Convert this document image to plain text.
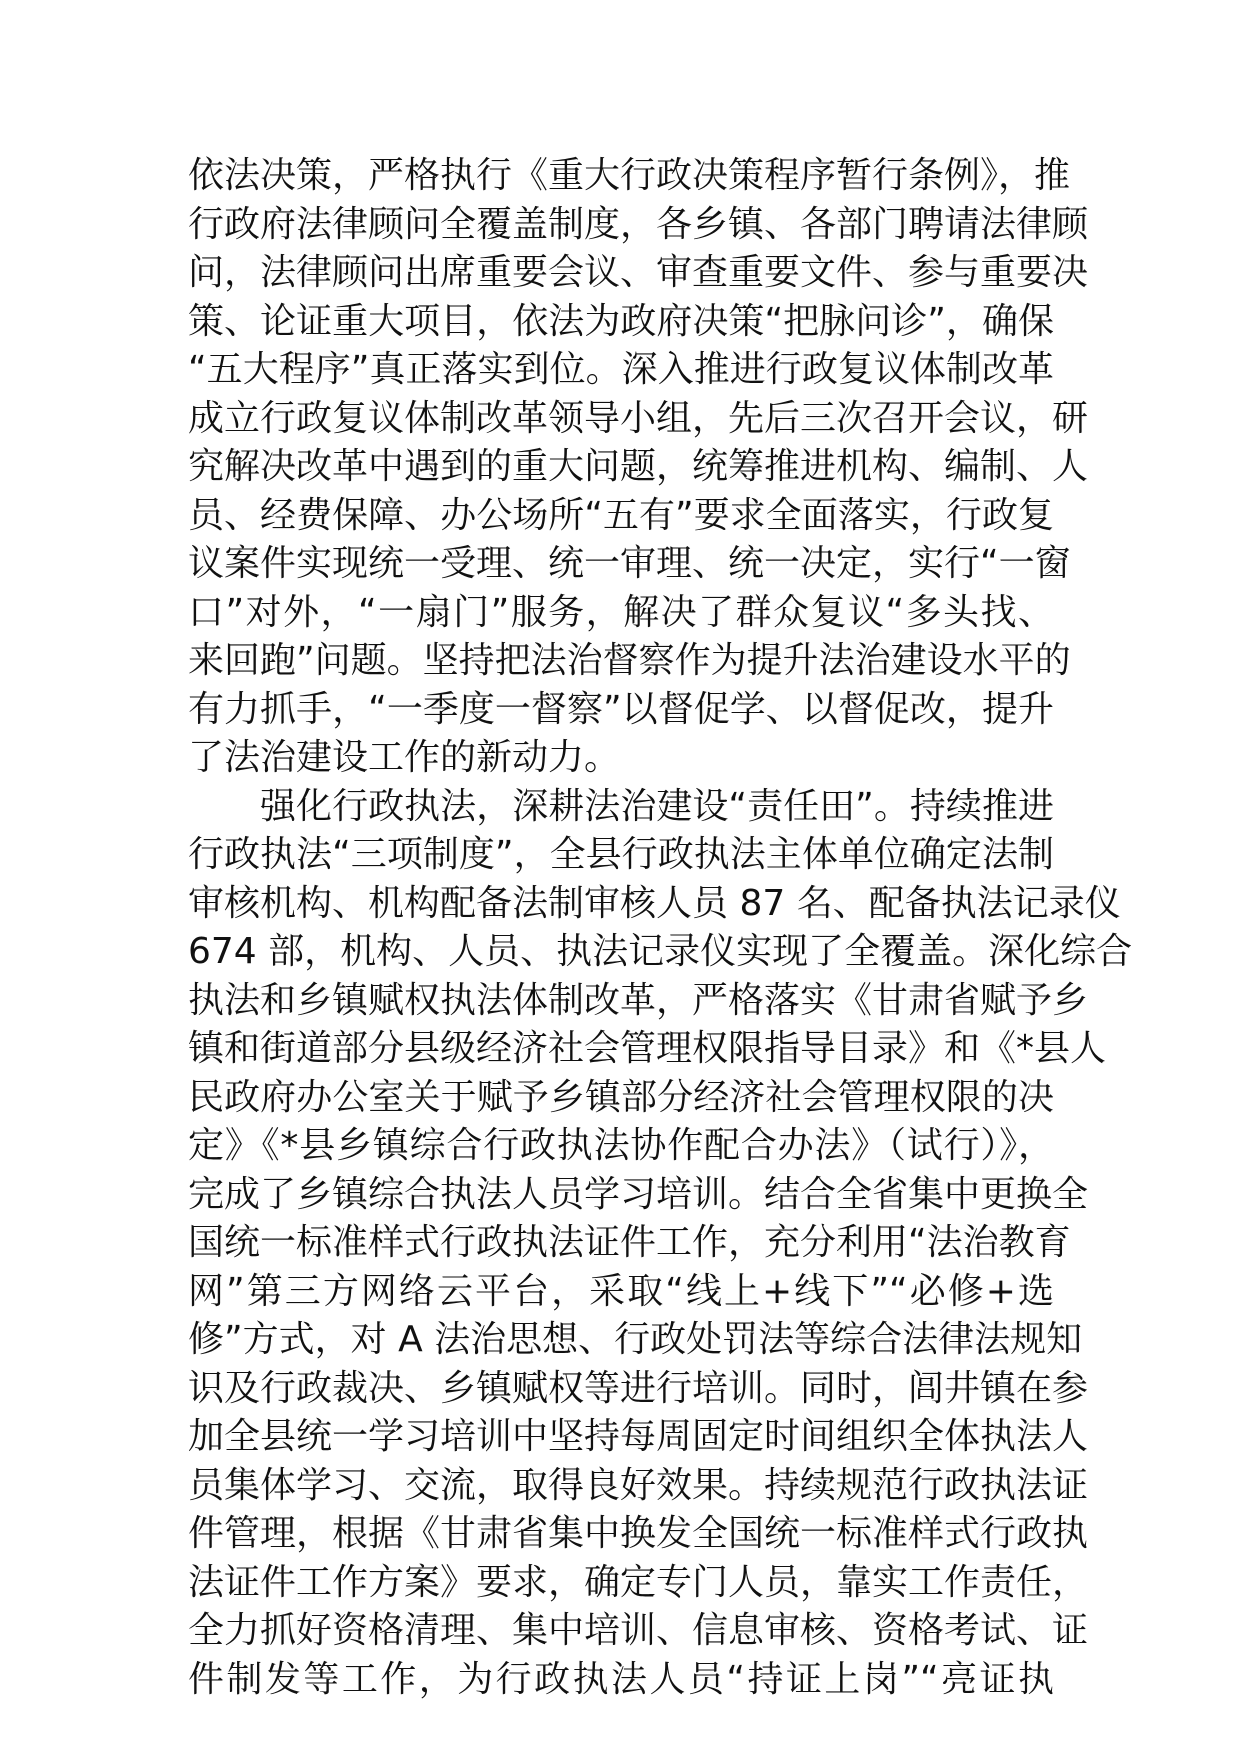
依法决策，严格执行《重大行政决策程序暂行条例》，推
行政府法律顾问全覆盖制度，各乡镇、各部门聘请法律顾
问，法律顾问出席重要会议、审查重要文件、参与重要决
策、论证重大项目，依法为政府决策“把脉问诊”，确保
“五大程序”真正落实到位。深入推进行政复议体制改革
成立行政复议体制改革领导小组，先后三次召开会议，研
究解决改革中遇到的重大问题，统筹推进机构、编制、人
员、经费保障、办公场所“五有”要求全面落实，行政复
议案件实现统一受理、统一审理、统一决定，实行“一窗
口”对外，“一扇门”服务，解决了群众复议“多头找、
来回跑”问题。坚持把法治督察作为提升法治建设水平的
有力抓手，“一季度一督察”以督促学、以督促改，提升
了法治建设工作的新动力。
强化行政执法，深耕法治建设“责任田”。持续推进
行政执法“三项制度”，全县行政执法主体单位确定法制
审核机构、机构配备法制审核人员 87 名、配备执法记录仪
674 部，机构、人员、执法记录仪实现了全覆盖。深化综合
执法和乡镇赋权执法体制改革，严格落实《甘肃省赋予乡
镇和街道部分县级经济社会管理权限指导目录》和《*县人
民政府办公室关于赋予乡镇部分经济社会管理权限的决
定》《*县乡镇综合行政执法协作配合办法》（试行）》，
完成了乡镇综合执法人员学习培训。结合全省集中更换全
国统一标准样式行政执法证件工作，充分利用“法治教育
网”第三方网络云平台，采取“线上+线下”“必修+选
修”方式，对 A 法治思想、行政处罚法等综合法律法规知
识及行政裁决、乡镇赋权等进行培训。同时，闾井镇在参
加全县统一学习培训中坚持每周固定时间组织全体执法人
员集体学习、交流，取得良好效果。持续规范行政执法证
件管理，根据《甘肃省集中换发全国统一标准样式行政执
法证件工作方案》要求，确定专门人员，靠实工作责任，
全力抓好资格清理、集中培训、信息审核、资格考试、证
件制发等工作，为行政执法人员“持证上岗”“亮证执
